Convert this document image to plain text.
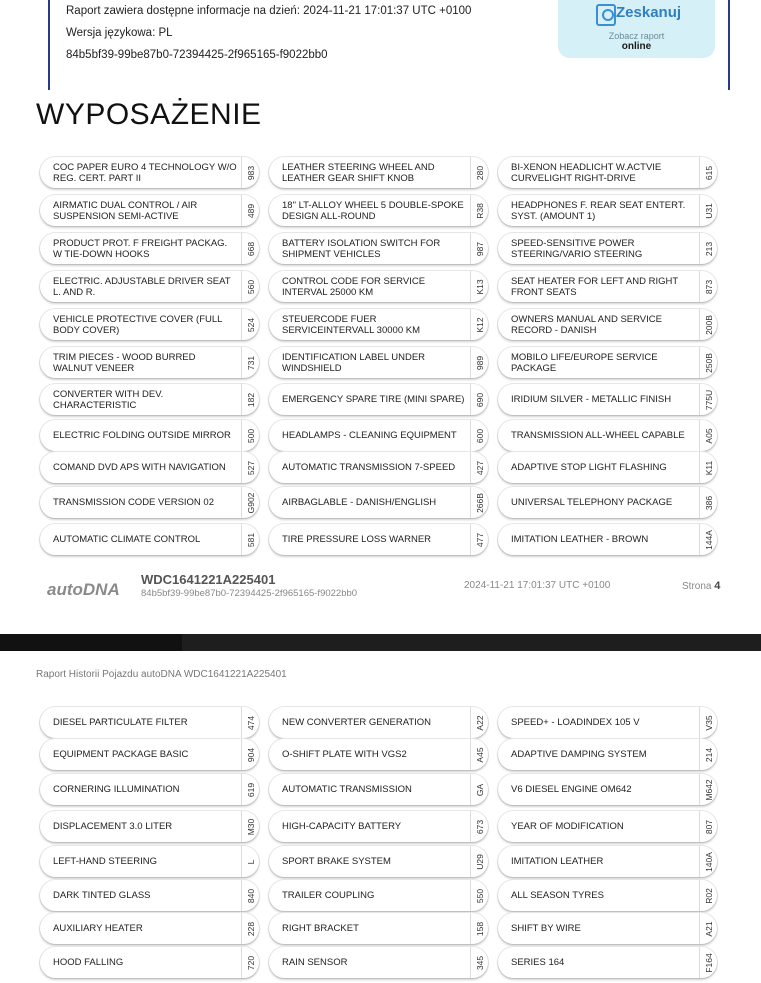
Raport zawiera dostępne informacje na dzień: 2024-11-21 17:01:37 UTC +0100
Wersja językowa: PL
84b5bf39-99be87b0-72394425-2f965165-f9022bb0
Zeskanuj
Zobacz raport
online
WYPOSAŻENIE
COC PAPER EURO 4 TECHNOLOGY W/O REG. CERT. PART II	983	LEATHER STEERING WHEEL AND LEATHER GEAR SHIFT KNOB	280	BI-XENON HEADLICHT W.ACTVIE CURVELIGHT RIGHT-DRIVE	615
AIRMATIC DUAL CONTROL / AIR SUSPENSION SEMI-ACTIVE	489	18" LT-ALLOY WHEEL 5 DOUBLE-SPOKE DESIGN ALL-ROUND	R38	HEADPHONES F. REAR SEAT ENTERT. SYST. (AMOUNT 1)	U31
PRODUCT PROT. F FREIGHT PACKAG. W TIE-DOWN HOOKS	668	BATTERY ISOLATION SWITCH FOR SHIPMENT VEHICLES	987	SPEED-SENSITIVE POWER STEERING/VARIO STEERING	213
ELECTRIC. ADJUSTABLE DRIVER SEAT L. AND R.	560	CONTROL CODE FOR SERVICE INTERVAL 25000 KM	K13	SEAT HEATER FOR LEFT AND RIGHT FRONT SEATS	873
VEHICLE PROTECTIVE COVER (FULL BODY COVER)	524	STEUERCODE FUER SERVICEINTERVALL 30000 KM	K12	OWNERS MANUAL AND SERVICE RECORD - DANISH	200B
TRIM PIECES - WOOD BURRED WALNUT VENEER	731	IDENTIFICATION LABEL UNDER WINDSHIELD	989	MOBILO LIFE/EUROPE SERVICE PACKAGE	250B
CONVERTER WITH DEV. CHARACTERISTIC	182	EMERGENCY SPARE TIRE (MINI SPARE) 690	IRIDIUM SILVER - METALLIC FINISH	775U
ELECTRIC FOLDING OUTSIDE MIRROR	500	HEADLAMPS - CLEANING EQUIPMENT	600	TRANSMISSION ALL-WHEEL CAPABLE	A05
COMAND DVD APS WITH NAVIGATION	527	AUTOMATIC TRANSMISSION 7-SPEED	427	ADAPTIVE STOP LIGHT FLASHING	K11
TRANSMISSION CODE VERSION 02	G902	AIRBAGLABLE - DANISH/ENGLISH	266B	UNIVERSAL TELEPHONY PACKAGE	386
AUTOMATIC CLIMATE CONTROL	581	TIRE PRESSURE LOSS WARNER	477	IMITATION LEATHER - BROWN	144A
autoDNA
WDC1641221A225401
84b5bf39-99be87b0-72394425-2f965165-f9022bb0
2024-11-21 17:01:37 UTC +0100	Strona 4
Raport Historii Pojazdu autoDNA WDC1641221A225401
DIESEL PARTICULATE FILTER	474	NEW CONVERTER GENERATION	A22	SPEED+ - LOADINDEX 105 V	V35
EQUIPMENT PACKAGE BASIC	904	O-SHIFT PLATE WITH VGS2	A45	ADAPTIVE DAMPING SYSTEM	214
CORNERING ILLUMINATION	619	AUTOMATIC TRANSMISSION	GA	V6 DIESEL ENGINE OM642	M642
DISPLACEMENT 3.0 LITER	M30	HIGH-CAPACITY BATTERY	673	YEAR OF MODIFICATION	807
LEFT-HAND STEERING	L	SPORT BRAKE SYSTEM	U29	IMITATION LEATHER	140A
DARK TINTED GLASS	840	TRAILER COUPLING	550	ALL SEASON TYRES	R02
AUXILIARY HEATER	228	RIGHT BRACKET	158	SHIFT BY WIRE	A21
HOOD FALLING	720	RAIN SENSOR	345	SERIES 164	F164
